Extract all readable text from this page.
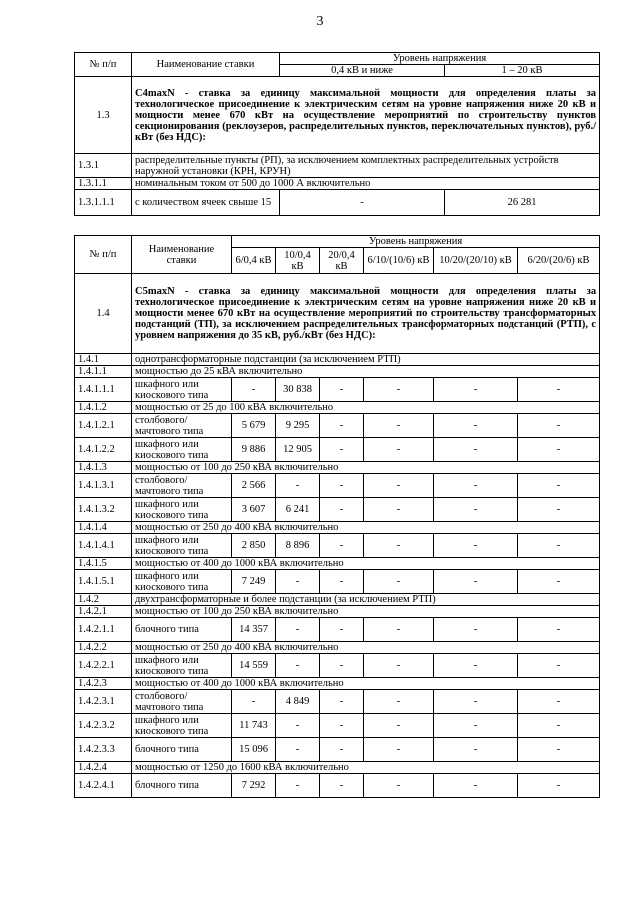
3
№ п/п	Наименование ставки	Уровень напряжения	
		0,4 кВ и ниже	1 – 20 кВ
1.3	C4maxN - ставка за единицу максимальной мощности для определения платы за технологическое присоединение к электрическим сетям на уровне напряжения ниже 20 кВ и мощности менее 670 кВт на осуществление мероприятий по строительству пунктов секционирования (реклоузеров, распределительных пунктов, переключательных пунктов), руб./кВт (без НДС):		
1.3.1	распределительные пункты (РП), за исключением комплектных распределительных устройств наружной установки (КРН, КРУН)		
1.3.1.1	номинальным током от 500 до 1000 А включительно		
1.3.1.1.1	с количеством ячеек свыше 15	-	26 281
№ п/п	Наименование ставки	Уровень напряжения					
		6/0,4 кВ	10/0,4 кВ	20/0,4 кВ	6/10/(10/6) кВ	10/20/(20/10) кВ	6/20/(20/6) кВ
1.4	C5maxN - ставка за единицу максимальной мощности для определения платы за технологическое присоединение к электрическим сетям на уровне напряжения ниже 20 кВ и мощности менее 670 кВт на осуществление мероприятий по строительству трансформаторных подстанций (ТП), за исключением распределительных трансформаторных подстанций (РТП), с уровнем напряжения до 35 кВ, руб./кВт (без НДС):						
1.4.1	однотрансформаторные подстанции (за исключением РТП)						
1.4.1.1	мощностью до 25 кВА включительно						
1.4.1.1.1	шкафного или киоскового типа	-	30 838	-	-	-	-
1.4.1.2	мощностью от 25 до 100 кВА включительно						
1.4.1.2.1	столбового/ мачтового типа	5 679	9 295	-	-	-	-
1.4.1.2.2	шкафного или киоскового типа	9 886	12 905	-	-	-	-
1.4.1.3	мощностью от 100 до 250 кВА включительно						
1.4.1.3.1	столбового/ мачтового типа	2 566	-	-	-	-	-
1.4.1.3.2	шкафного или киоскового типа	3 607	6 241	-	-	-	-
1.4.1.4	мощностью от 250 до 400 кВА включительно						
1.4.1.4.1	шкафного или киоскового типа	2 850	8 896	-	-	-	-
1.4.1.5	мощностью от 400 до 1000 кВА включительно						
1.4.1.5.1	шкафного или киоскового типа	7 249	-	-	-	-	-
1.4.2	двухтрансформаторные и более подстанции (за исключением РТП)						
1.4.2.1	мощностью от 100 до 250 кВА включительно						
1.4.2.1.1	блочного типа	14 357	-	-	-	-	-
1.4.2.2	мощностью от 250 до 400 кВА включительно						
1.4.2.2.1	шкафного или киоскового типа	14 559	-	-	-	-	-
1.4.2.3	мощностью от 400 до 1000 кВА включительно						
1.4.2.3.1	столбового/ мачтового типа	-	4 849	-	-	-	-
1.4.2.3.2	шкафного или киоскового типа	11 743	-	-	-	-	-
1.4.2.3.3	блочного типа	15 096	-	-	-	-	-
1.4.2.4	мощностью от 1250 до 1600 кВА включительно						
1.4.2.4.1	блочного типа	7 292	-	-	-	-	-
